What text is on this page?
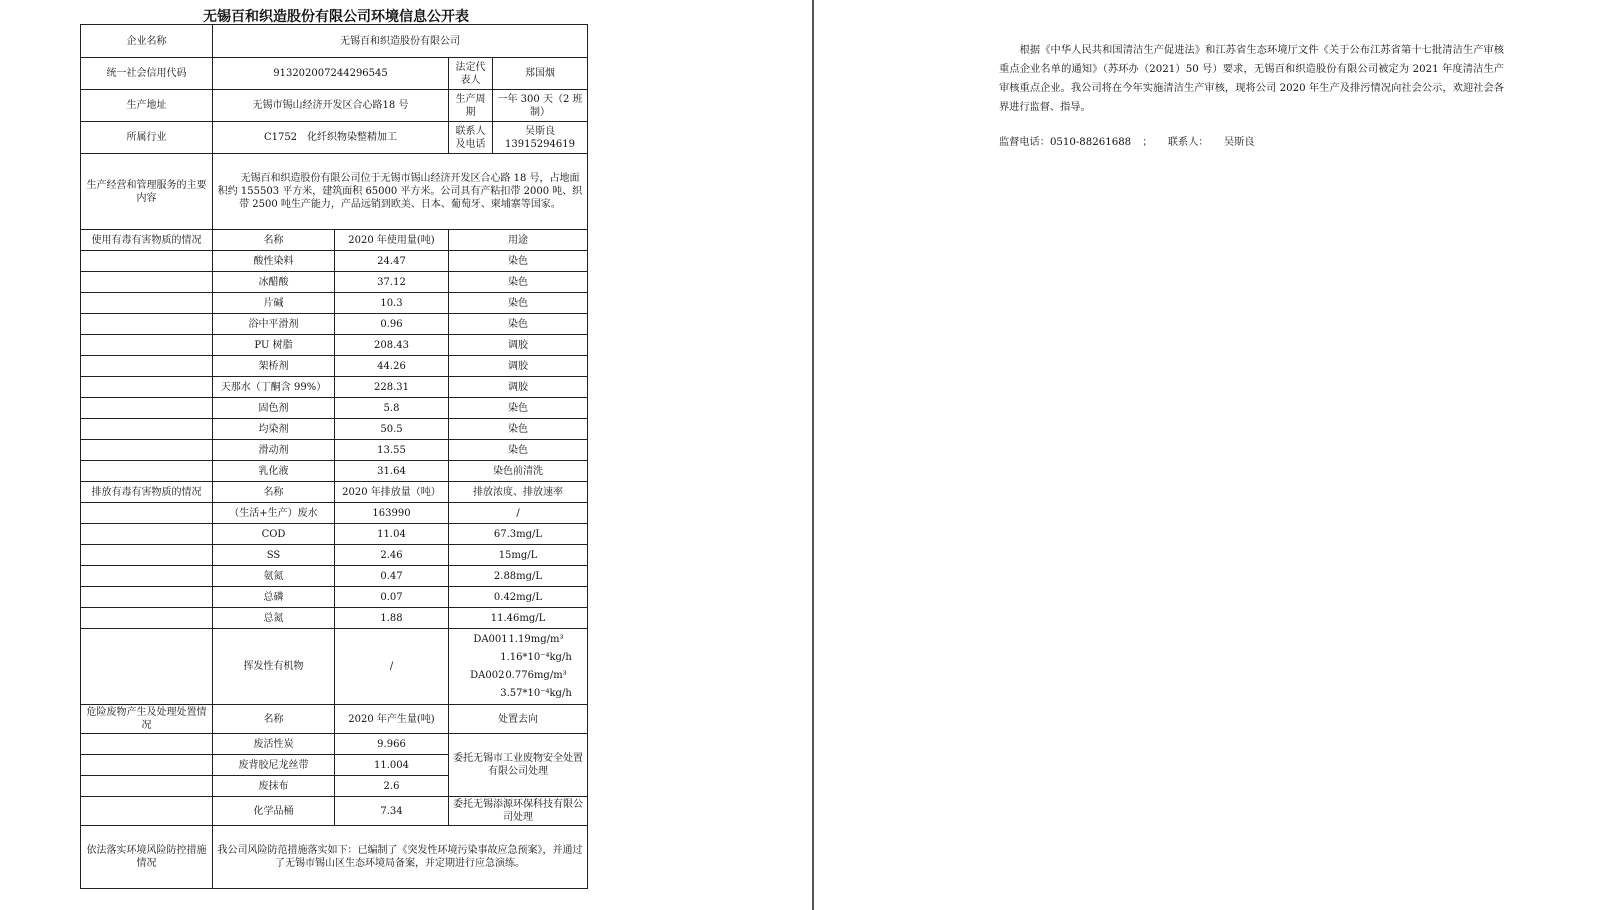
无锡百和织造股份有限公司环境信息公开表
企业名称	无锡百和织造股份有限公司			
统一社会信用代码	913202007244296545		法定代表人	郑国烟
生产地址	无锡市锡山经济开发区合心路18 号		生产周期	一年 300 天（2 班制）
所属行业	C1752　化纤织物染整精加工		联系人及电话	吴斯良 13915294619
生产经营和管理服务的主要内容	　　无锡百和织造股份有限公司位于无锡市锡山经济开发区合心路 18 号，占地面积约 155503 平方米，建筑面积 65000 平方米。公司具有产粘扣带 2000 吨、织带 2500 吨生产能力，产品远销到欧美、日本、葡萄牙、柬埔寨等国家。			
使用有毒有害物质的情况	名称	2020 年使用量(吨)	用途	
	酸性染料	24.47	染色	
	冰醋酸	37.12	染色	
	片碱	10.3	染色	
	浴中平滑剂	0.96	染色	
	PU 树脂	208.43	调胶	
	架桥剂	44.26	调胶	
	天那水（丁酮含 99%）	228.31	调胶	
	固色剂	5.8	染色	
	均染剂	50.5	染色	
	滑动剂	13.55	染色	
	乳化液	31.64	染色前清洗	
排放有毒有害物质的情况	名称	2020 年排放量（吨）	排放浓度、排放速率	
	（生活+生产）废水	163990	/	
	COD	11.04	67.3mg/L	
	SS	2.46	15mg/L	
	氨氮	0.47	2.88mg/L	
	总磷	0.07	0.42mg/L	
	总氮	1.88	11.46mg/L	
	挥发性有机物	/	DA0011.19mg/m³
1.16*10⁻⁴kg/h
DA0020.776mg/m³
3.57*10⁻⁴kg/h	

危险废物产生及处理处置情况	名称	2020 年产生量(吨)	处置去向	
	废活性炭	9.966	委托无锡市工业废物安全处置有限公司处理	
	废背胶尼龙丝带	11.004		
	废抹布	2.6		
	化学品桶	7.34	委托无锡添源环保科技有限公司处理	
依法落实环境风险防控措施情况	我公司风险防范措施落实如下：已编制了《突发性环境污染事故应急预案》，并通过了无锡市锡山区生态环境局备案，并定期进行应急演练。			
　　根据《中华人民共和国清洁生产促进法》和江苏省生态环境厅文件《关于公布江苏省第十七批清洁生产审核重点企业名单的通知》（苏环办（2021）50 号）要求，无锡百和织造股份有限公司被定为 2021 年度清洁生产审核重点企业。我公司将在今年实施清洁生产审核，现将公司 2020 年生产及排污情况向社会公示，欢迎社会各界进行监督、指导。
监督电话：0510-88261688 ； 联系人： 吴斯良
